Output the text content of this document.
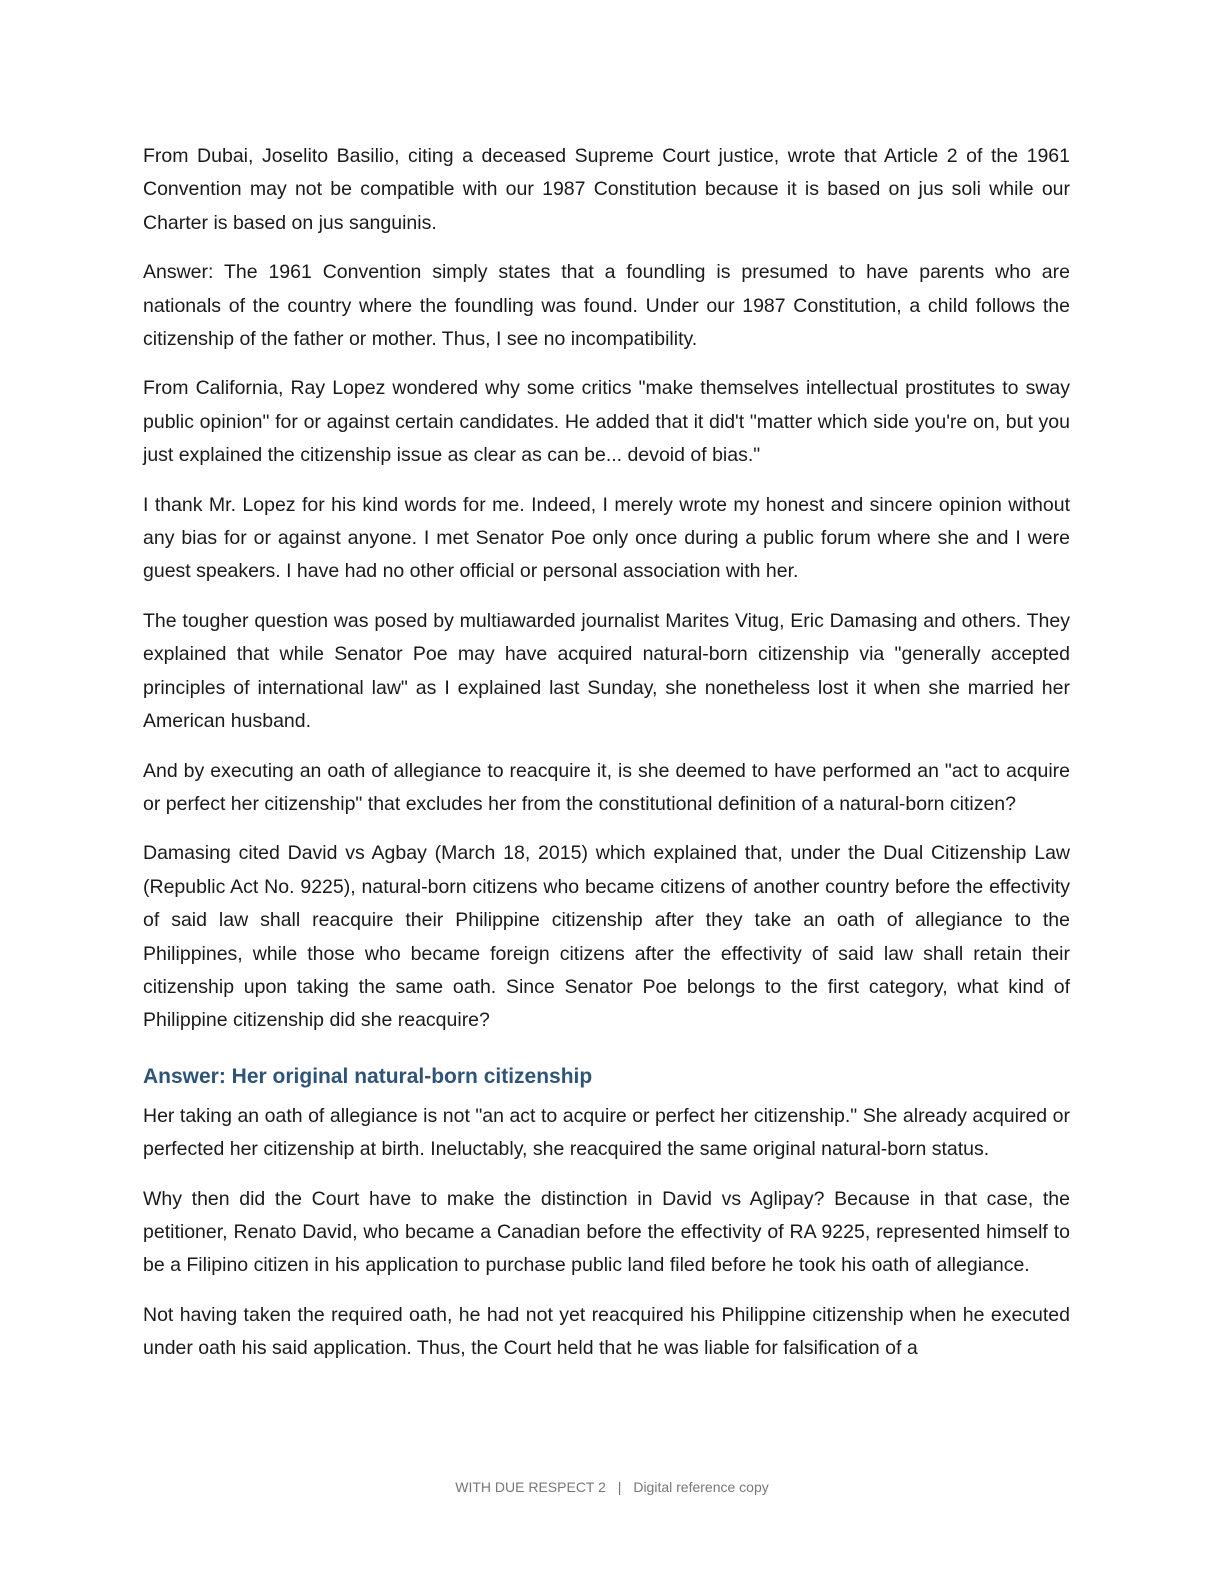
From Dubai, Joselito Basilio, citing a deceased Supreme Court justice, wrote that Article 2 of the 1961 Convention may not be compatible with our 1987 Constitution because it is based on jus soli while our Charter is based on jus sanguinis.

Answer: The 1961 Convention simply states that a foundling is presumed to have parents who are nationals of the country where the foundling was found. Under our 1987 Constitution, a child follows the citizenship of the father or mother. Thus, I see no incompatibility.

From California, Ray Lopez wondered why some critics "make themselves intellectual prostitutes to sway public opinion" for or against certain candidates. He added that it did't "matter which side you're on, but you just explained the citizenship issue as clear as can be... devoid of bias."

I thank Mr. Lopez for his kind words for me. Indeed, I merely wrote my honest and sincere opinion without any bias for or against anyone. I met Senator Poe only once during a public forum where she and I were guest speakers. I have had no other official or personal association with her.

The tougher question was posed by multiawarded journalist Marites Vitug, Eric Damasing and others. They explained that while Senator Poe may have acquired natural-born citizenship via "generally accepted principles of international law" as I explained last Sunday, she nonetheless lost it when she married her American husband.

And by executing an oath of allegiance to reacquire it, is she deemed to have performed an "act to acquire or perfect her citizenship" that excludes her from the constitutional definition of a natural-born citizen?

Damasing cited David vs Agbay (March 18, 2015) which explained that, under the Dual Citizenship Law (Republic Act No. 9225), natural-born citizens who became citizens of another country before the effectivity of said law shall reacquire their Philippine citizenship after they take an oath of allegiance to the Philippines, while those who became foreign citizens after the effectivity of said law shall retain their citizenship upon taking the same oath. Since Senator Poe belongs to the first category, what kind of Philippine citizenship did she reacquire?

Answer: Her original natural-born citizenship

Her taking an oath of allegiance is not "an act to acquire or perfect her citizenship." She already acquired or perfected her citizenship at birth. Ineluctably, she reacquired the same original natural-born status.

Why then did the Court have to make the distinction in David vs Aglipay? Because in that case, the petitioner, Renato David, who became a Canadian before the effectivity of RA 9225, represented himself to be a Filipino citizen in his application to purchase public land filed before he took his oath of allegiance.

Not having taken the required oath, he had not yet reacquired his Philippine citizenship when he executed under oath his said application. Thus, the Court held that he was liable for falsification of a

WITH DUE RESPECT 2 | Digital reference copy
